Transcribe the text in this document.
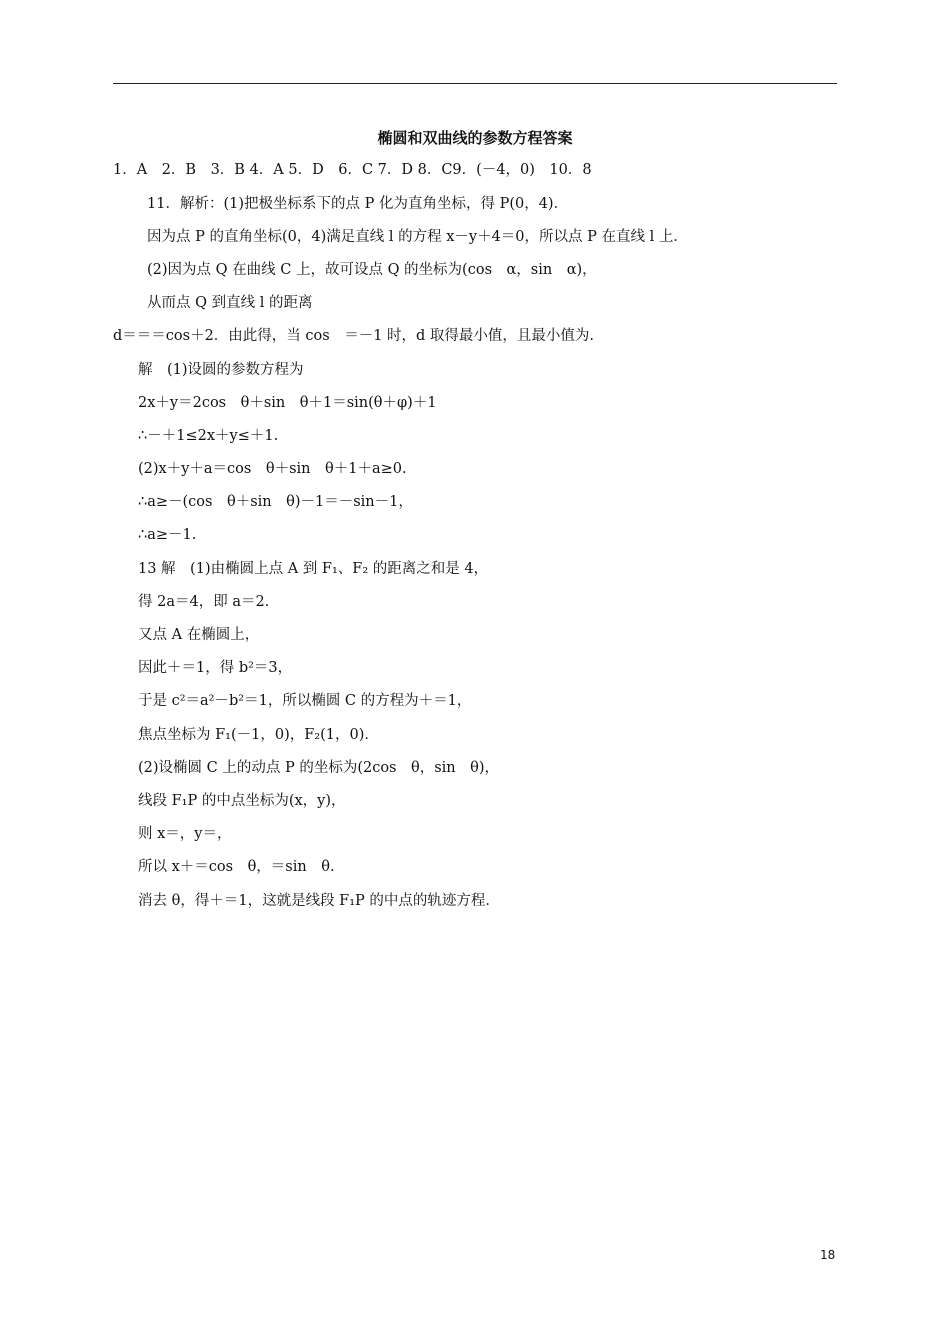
椭圆和双曲线的参数方程答案
1．A　2．B　3．B 4．A 5．D　6．C 7．D 8．C9．(－4，0)　10．8
11．解析：(1)把极坐标系下的点 P 化为直角坐标，得 P(0，4)．
因为点 P 的直角坐标(0，4)满足直线 l 的方程 x－y＋4＝0，所以点 P 在直线 l 上．
(2)因为点 Q 在曲线 C 上，故可设点 Q 的坐标为(cos　α，sin　α)，
从而点 Q 到直线 l 的距离
d＝＝＝cos＋2．由此得，当 cos　＝－1 时，d 取得最小值，且最小值为.
解　(1)设圆的参数方程为
2x＋y＝2cos　θ＋sin　θ＋1＝sin(θ＋φ)＋1
∴－＋1≤2x＋y≤＋1.
(2)x＋y＋a＝cos　θ＋sin　θ＋1＋a≥0.
∴a≥－(cos　θ＋sin　θ)－1＝－sin－1，
∴a≥－1.
13 解　(1)由椭圆上点 A 到 F₁、F₂ 的距离之和是 4，
得 2a＝4，即 a＝2.
又点 A 在椭圆上，
因此＋＝1，得 b²＝3，
于是 c²＝a²－b²＝1，所以椭圆 C 的方程为＋＝1，
焦点坐标为 F₁(－1，0)，F₂(1，0)．
(2)设椭圆 C 上的动点 P 的坐标为(2cos　θ，sin　θ)，
线段 F₁P 的中点坐标为(x，y)，
则 x＝，y＝，
所以 x＋＝cos　θ，＝sin　θ.
消去 θ，得＋＝1，这就是线段 F₁P 的中点的轨迹方程．
18
